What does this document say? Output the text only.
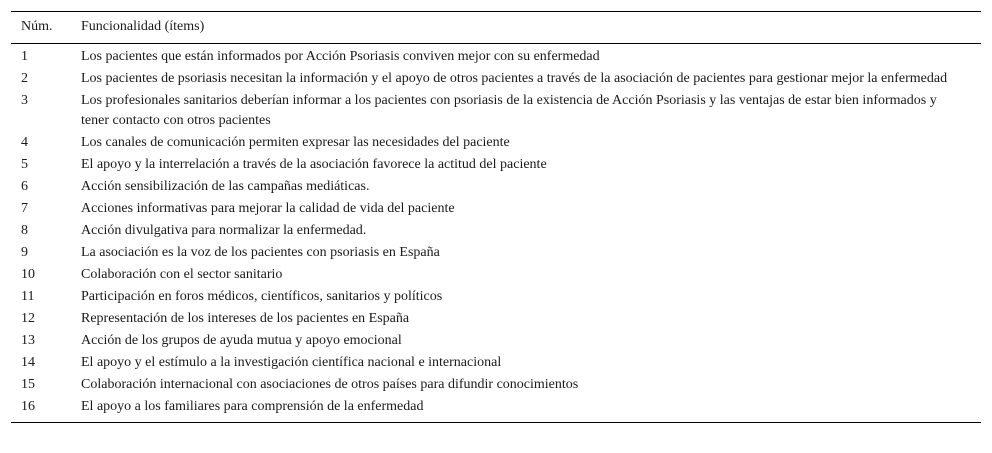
Núm.	Funcionalidad (ítems)
1	Los pacientes que están informados por Acción Psoriasis conviven mejor con su enfermedad
2	Los pacientes de psoriasis necesitan la información y el apoyo de otros pacientes a través de la asociación de pacientes para gestionar mejor la enfermedad
3	Los profesionales sanitarios deberían informar a los pacientes con psoriasis de la existencia de Acción Psoriasis y las ventajas de estar bien informados y tener contacto con otros pacientes
4	Los canales de comunicación permiten expresar las necesidades del paciente
5	El apoyo y la interrelación a través de la asociación favorece la actitud del paciente
6	Acción sensibilización de las campañas mediáticas.
7	Acciones informativas para mejorar la calidad de vida del paciente
8	Acción divulgativa para normalizar la enfermedad.
9	La asociación es la voz de los pacientes con psoriasis en España
10	Colaboración con el sector sanitario
11	Participación en foros médicos, científicos, sanitarios y políticos
12	Representación de los intereses de los pacientes en España
13	Acción de los grupos de ayuda mutua y apoyo emocional
14	El apoyo y el estímulo a la investigación científica nacional e internacional
15	Colaboración internacional con asociaciones de otros países para difundir conocimientos
16	El apoyo a los familiares para comprensión de la enfermedad
